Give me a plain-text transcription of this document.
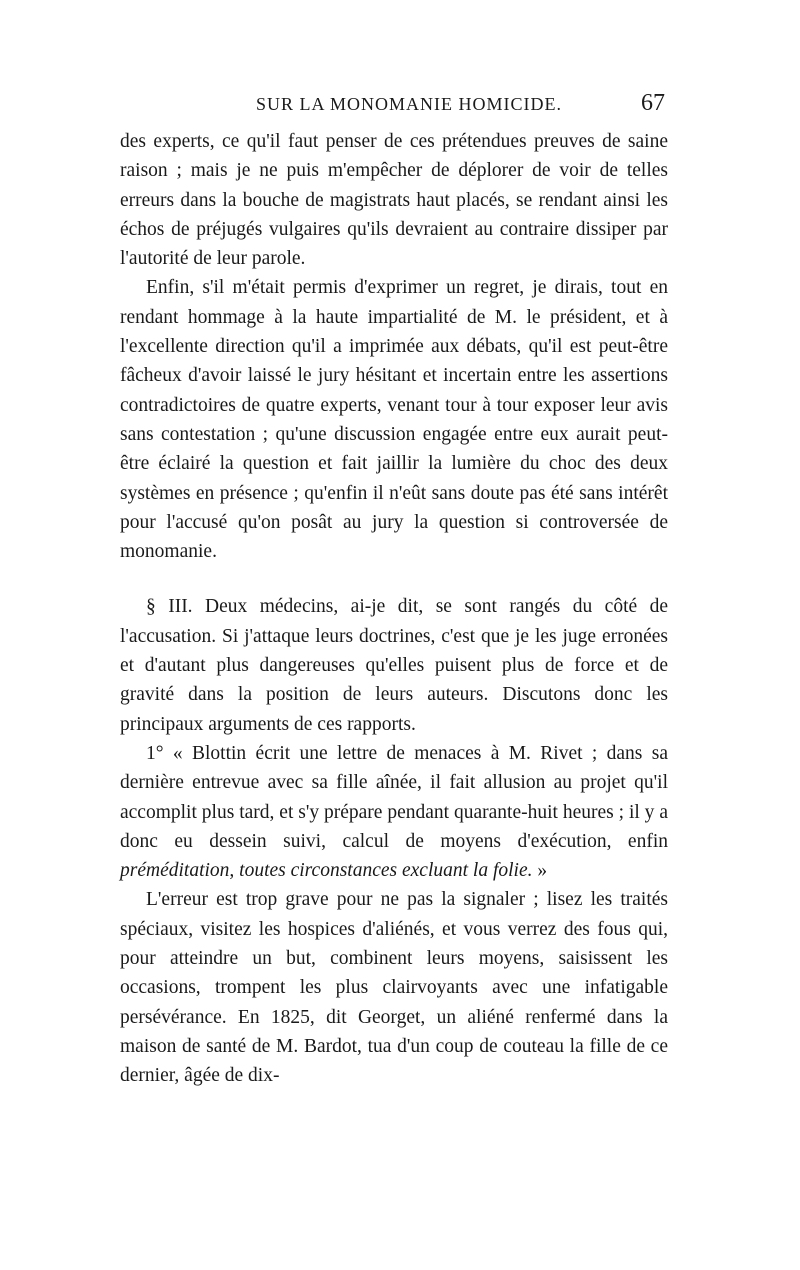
SUR LA MONOMANIE HOMICIDE.	67

des experts, ce qu'il faut penser de ces prétendues preuves de saine raison ; mais je ne puis m'empêcher de déplorer de voir de telles erreurs dans la bouche de magistrats haut placés, se rendant ainsi les échos de préjugés vulgaires qu'ils devraient au contraire dissiper par l'autorité de leur parole.

Enfin, s'il m'était permis d'exprimer un regret, je dirais, tout en rendant hommage à la haute impartialité de M. le président, et à l'excellente direction qu'il a imprimée aux débats, qu'il est peut-être fâcheux d'avoir laissé le jury hésitant et incertain entre les assertions contradictoires de quatre experts, venant tour à tour exposer leur avis sans contestation ; qu'une discussion engagée entre eux aurait peut-être éclairé la question et fait jaillir la lumière du choc des deux systèmes en présence ; qu'enfin il n'eût sans doute pas été sans intérêt pour l'accusé qu'on posât au jury la question si controversée de monomanie.

§ III. Deux médecins, ai-je dit, se sont rangés du côté de l'accusation. Si j'attaque leurs doctrines, c'est que je les juge erronées et d'autant plus dangereuses qu'elles puisent plus de force et de gravité dans la position de leurs auteurs. Discutons donc les principaux arguments de ces rapports.

1° « Blottin écrit une lettre de menaces à M. Rivet ; dans sa dernière entrevue avec sa fille aînée, il fait allusion au projet qu'il accomplit plus tard, et s'y prépare pendant quarante-huit heures ; il y a donc eu dessein suivi, calcul de moyens d'exécution, enfin préméditation, toutes circonstances excluant la folie. »

L'erreur est trop grave pour ne pas la signaler ; lisez les traités spéciaux, visitez les hospices d'aliénés, et vous verrez des fous qui, pour atteindre un but, combinent leurs moyens, saisissent les occasions, trompent les plus clairvoyants avec une infatigable persévérance. En 1825, dit Georget, un aliéné renfermé dans la maison de santé de M. Bardot, tua d'un coup de couteau la fille de ce dernier, âgée de dix-
